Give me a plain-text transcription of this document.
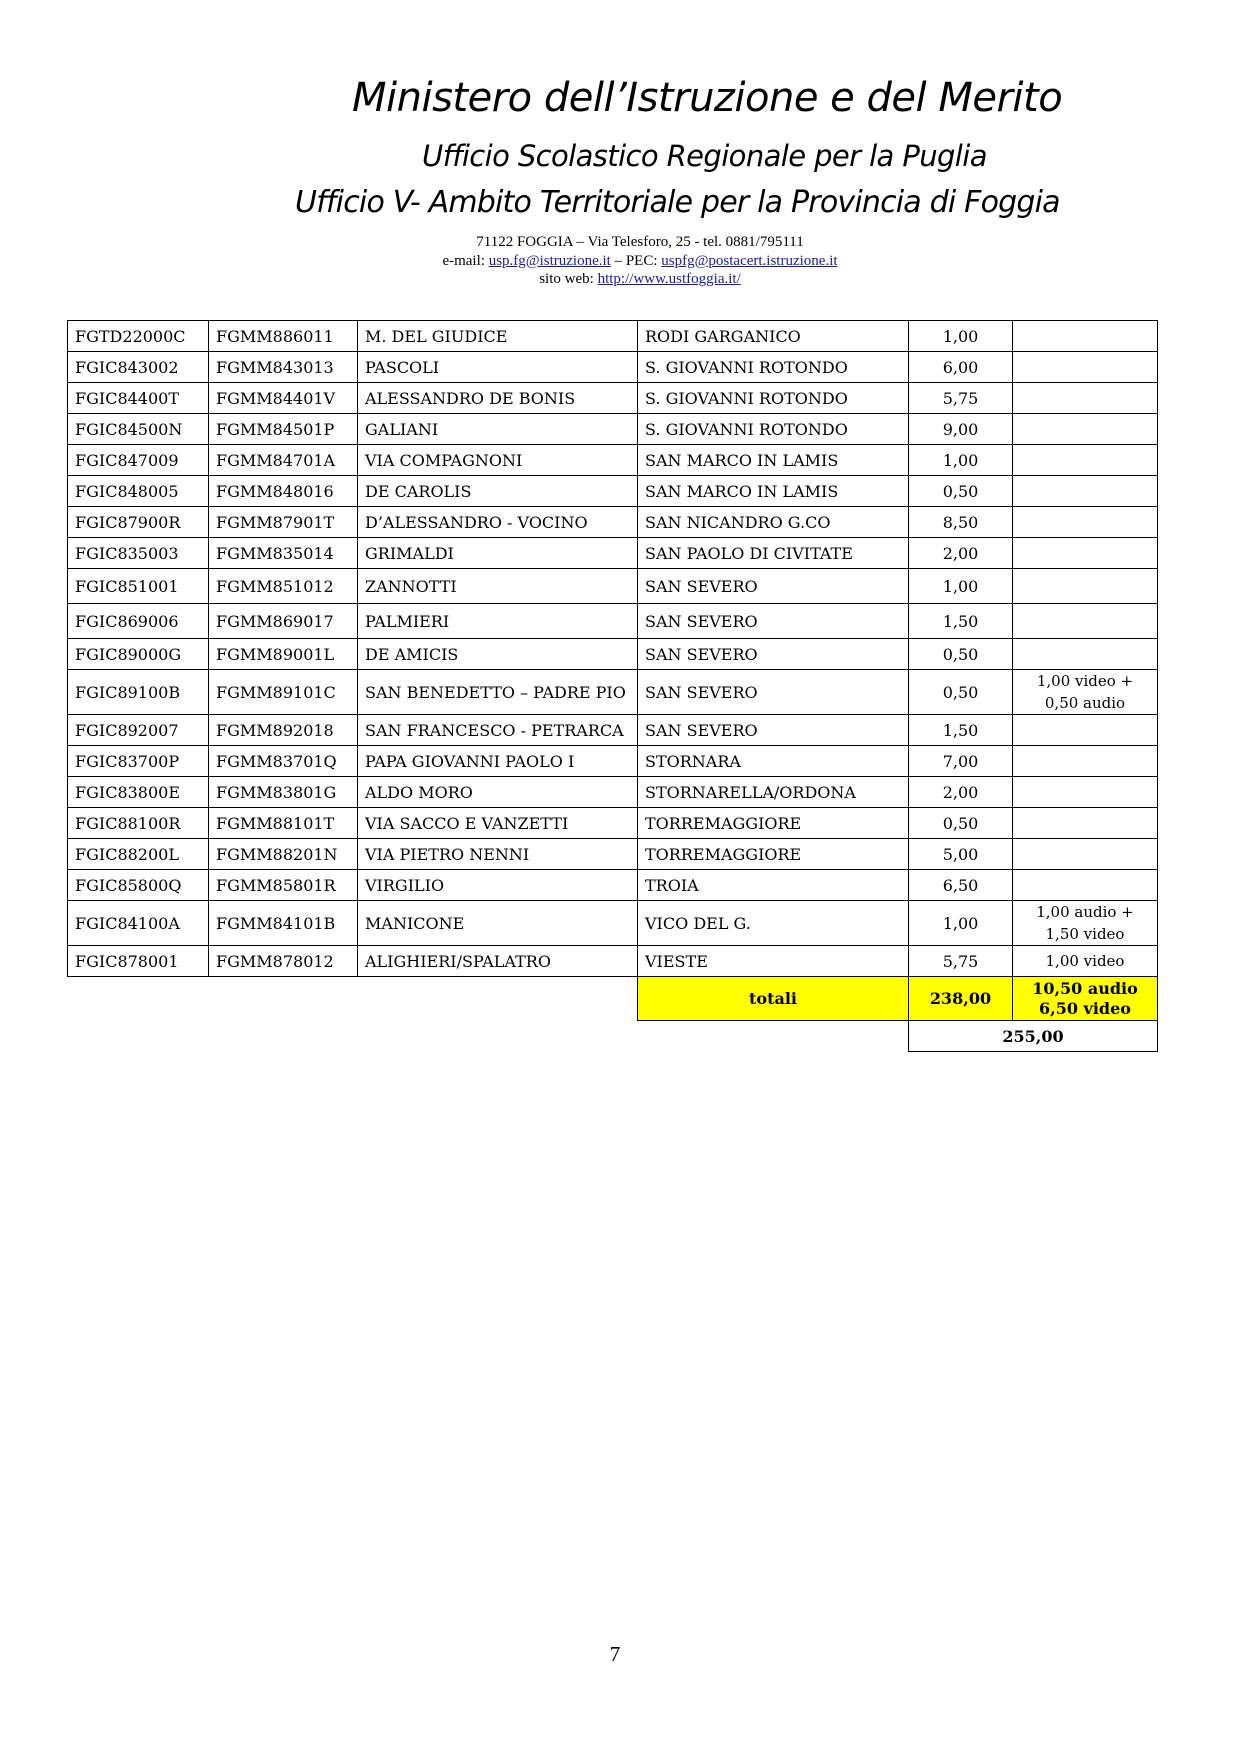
Ministero dell’Istruzione e del Merito
Ufficio Scolastico Regionale per la Puglia
Ufficio V- Ambito Territoriale per la Provincia di Foggia
71122 FOGGIA – Via Telesforo, 25 - tel. 0881/795111
e-mail: usp.fg@istruzione.it – PEC: uspfg@postacert.istruzione.it
sito web: http://www.ustfoggia.it/
FGTD22000C	FGMM886011	M. DEL GIUDICE	RODI GARGANICO	1,00	
FGIC843002	FGMM843013	PASCOLI	S. GIOVANNI ROTONDO	6,00	
FGIC84400T	FGMM84401V	ALESSANDRO DE BONIS	S. GIOVANNI ROTONDO	5,75	
FGIC84500N	FGMM84501P	GALIANI	S. GIOVANNI ROTONDO	9,00	
FGIC847009	FGMM84701A	VIA COMPAGNONI	SAN MARCO IN LAMIS	1,00	
FGIC848005	FGMM848016	DE CAROLIS	SAN MARCO IN LAMIS	0,50	
FGIC87900R	FGMM87901T	D’ALESSANDRO - VOCINO	SAN NICANDRO G.CO	8,50	
FGIC835003	FGMM835014	GRIMALDI	SAN PAOLO DI CIVITATE	2,00	
FGIC851001	FGMM851012	ZANNOTTI	SAN SEVERO	1,00	
FGIC869006	FGMM869017	PALMIERI	SAN SEVERO	1,50	
FGIC89000G	FGMM89001L	DE AMICIS	SAN SEVERO	0,50	
FGIC89100B	FGMM89101C	SAN BENEDETTO – PADRE PIO	SAN SEVERO	0,50	1,00 video +
0,50 audio

FGIC892007	FGMM892018	SAN FRANCESCO - PETRARCA	SAN SEVERO	1,50	
FGIC83700P	FGMM83701Q	PAPA GIOVANNI PAOLO I	STORNARA	7,00	
FGIC83800E	FGMM83801G	ALDO MORO	STORNARELLA/ORDONA	2,00	
FGIC88100R	FGMM88101T	VIA SACCO E VANZETTI	TORREMAGGIORE	0,50	
FGIC88200L	FGMM88201N	VIA PIETRO NENNI	TORREMAGGIORE	5,00	
FGIC85800Q	FGMM85801R	VIRGILIO	TROIA	6,50	
FGIC84100A	FGMM84101B	MANICONE	VICO DEL G.	1,00	1,00 audio +
1,50 video

FGIC878001	FGMM878012	ALIGHIERI/SPALATRO	VIESTE	5,75	1,00 video

			totali	238,00	10,50 audio
6,50 video

				255,00	
7
